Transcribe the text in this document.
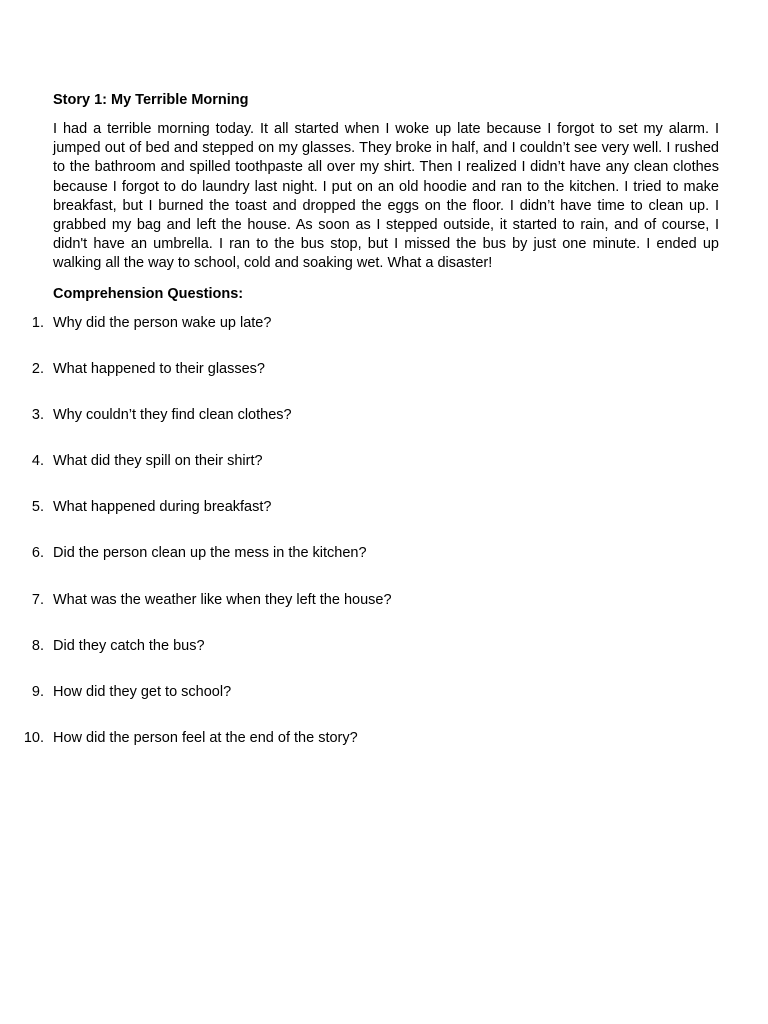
Story 1: My Terrible Morning

I had a terrible morning today. It all started when I woke up late because I forgot to set my alarm. I jumped out of bed and stepped on my glasses. They broke in half, and I couldn’t see very well. I rushed to the bathroom and spilled toothpaste all over my shirt. Then I realized I didn’t have any clean clothes because I forgot to do laundry last night. I put on an old hoodie and ran to the kitchen. I tried to make breakfast, but I burned the toast and dropped the eggs on the floor. I didn’t have time to clean up. I grabbed my bag and left the house. As soon as I stepped outside, it started to rain, and of course, I didn't have an umbrella. I ran to the bus stop, but I missed the bus by just one minute. I ended up walking all the way to school, cold and soaking wet. What a disaster!

Comprehension Questions:
1. Why did the person wake up late?
2. What happened to their glasses?
3. Why couldn’t they find clean clothes?
4. What did they spill on their shirt?
5. What happened during breakfast?
6. Did the person clean up the mess in the kitchen?
7. What was the weather like when they left the house?
8. Did they catch the bus?
9. How did they get to school?
10. How did the person feel at the end of the story?
